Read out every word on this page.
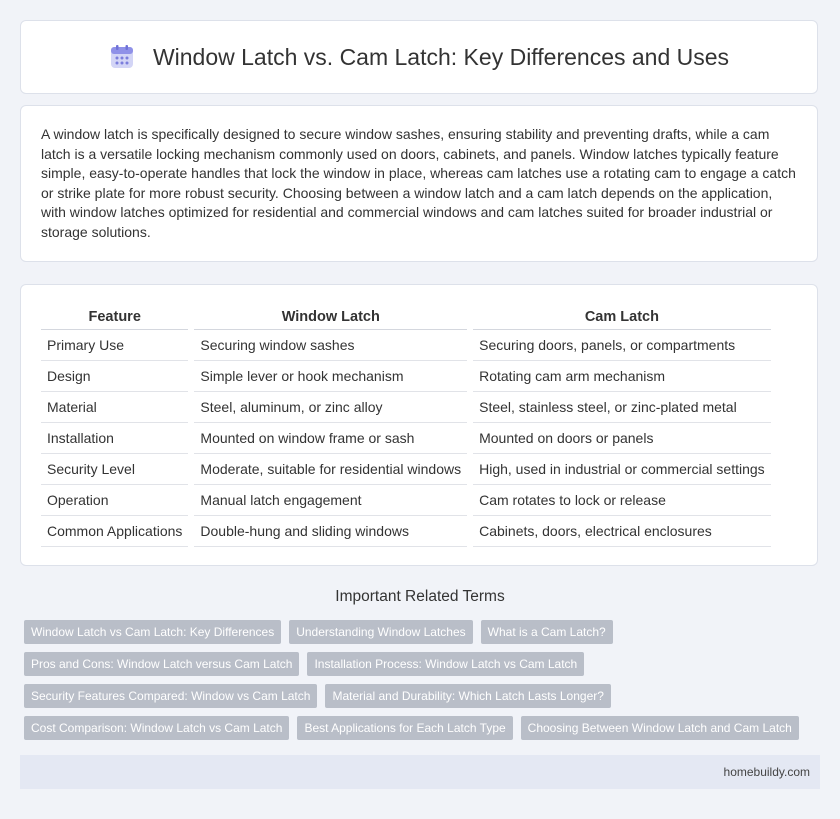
Window Latch vs. Cam Latch: Key Differences and Uses

A window latch is specifically designed to secure window sashes, ensuring stability and preventing drafts, while a cam latch is a versatile locking mechanism commonly used on doors, cabinets, and panels. Window latches typically feature simple, easy-to-operate handles that lock the window in place, whereas cam latches use a rotating cam to engage a catch or strike plate for more robust security. Choosing between a window latch and a cam latch depends on the application, with window latches optimized for residential and commercial windows and cam latches suited for broader industrial or storage solutions.

Feature	Window Latch	Cam Latch
Primary Use	Securing window sashes	Securing doors, panels, or compartments
Design	Simple lever or hook mechanism	Rotating cam arm mechanism
Material	Steel, aluminum, or zinc alloy	Steel, stainless steel, or zinc-plated metal
Installation	Mounted on window frame or sash	Mounted on doors or panels
Security Level	Moderate, suitable for residential windows	High, used in industrial or commercial settings
Operation	Manual latch engagement	Cam rotates to lock or release
Common Applications	Double-hung and sliding windows	Cabinets, doors, electrical enclosures
Important Related Terms
Window Latch vs Cam Latch: Key Differences	Understanding Window Latches	What is a Cam Latch?
Pros and Cons: Window Latch versus Cam Latch	Installation Process: Window Latch vs Cam Latch
Security Features Compared: Window vs Cam Latch	Material and Durability: Which Latch Lasts Longer?
Cost Comparison: Window Latch vs Cam Latch	Best Applications for Each Latch Type	Choosing Between Window Latch and Cam Latch
homebuildy.com
